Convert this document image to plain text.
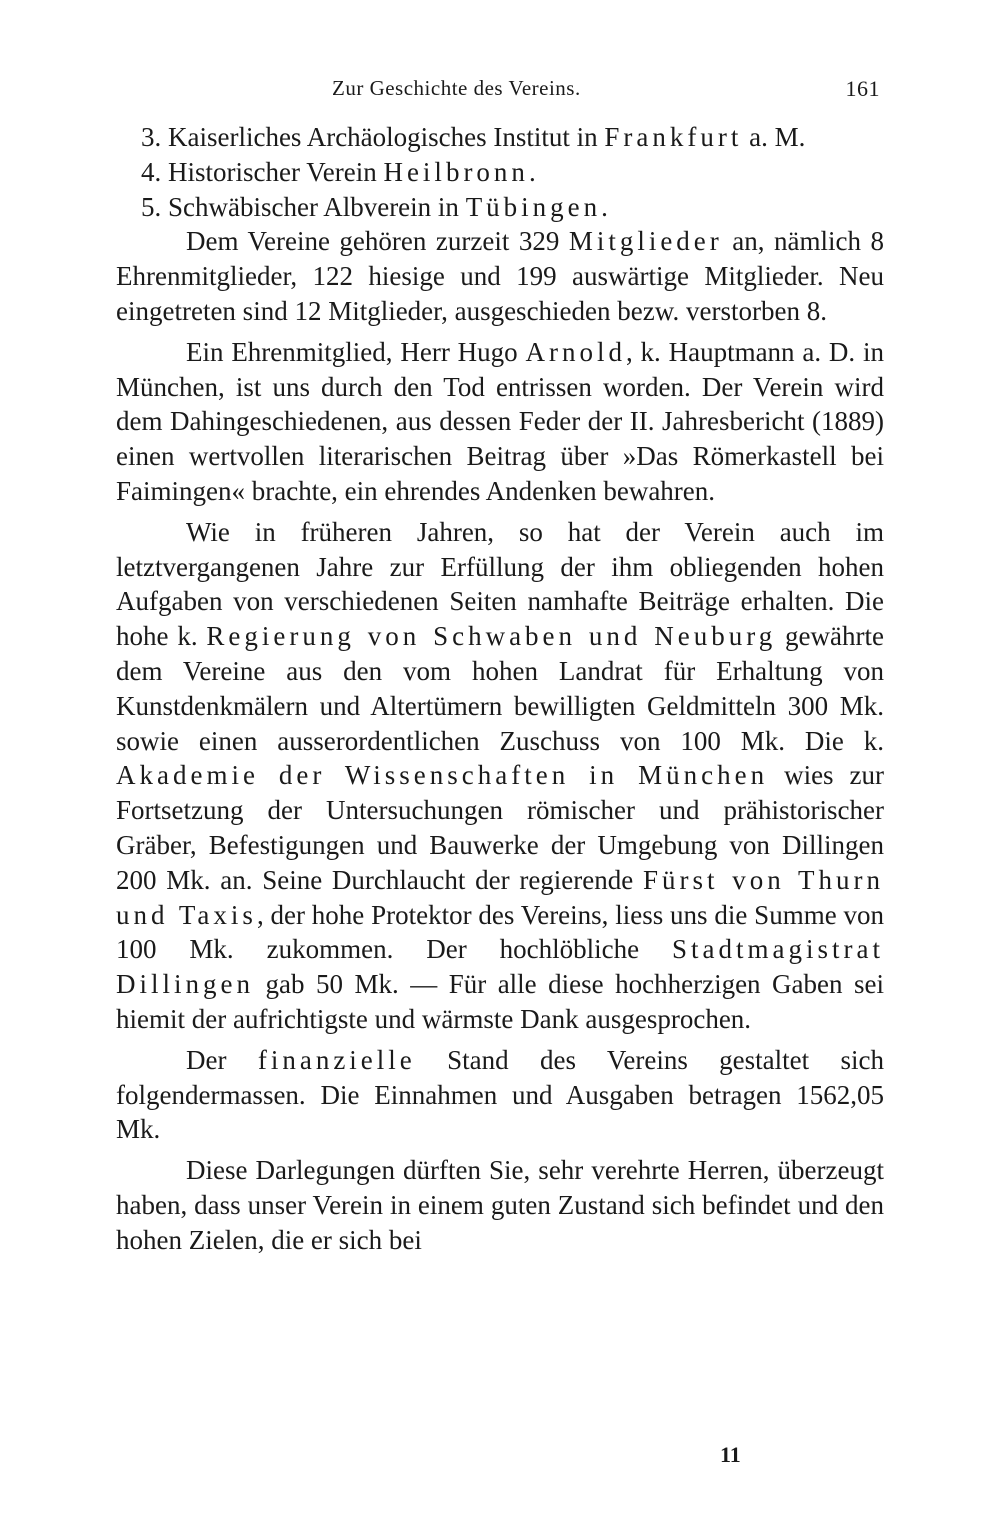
Zur Geschichte des Vereins.	161

3. Kaiserliches Archäologisches Institut in Frankfurt a. M.

4. Historischer Verein Heilbronn.

5. Schwäbischer Albverein in Tübingen.

Dem Vereine gehören zurzeit 329 Mitglieder an, nämlich 8 Ehrenmitglieder, 122 hiesige und 199 auswärtige Mitglieder. Neu eingetreten sind 12 Mitglieder, ausgeschieden bezw. verstorben 8.

Ein Ehrenmitglied, Herr Hugo Arnold, k. Hauptmann a. D. in München, ist uns durch den Tod entrissen worden. Der Verein wird dem Dahingeschiedenen, aus dessen Feder der II. Jahresbericht (1889) einen wertvollen literarischen Beitrag über »Das Römerkastell bei Faimingen« brachte, ein ehrendes Andenken bewahren.

Wie in früheren Jahren, so hat der Verein auch im letztvergangenen Jahre zur Erfüllung der ihm obliegenden hohen Aufgaben von verschiedenen Seiten namhafte Beiträge erhalten. Die hohe k. Regierung von Schwaben und Neuburg gewährte dem Vereine aus den vom hohen Landrat für Erhaltung von Kunstdenkmälern und Altertümern bewilligten Geldmitteln 300 Mk. sowie einen ausserordentlichen Zuschuss von 100 Mk. Die k. Akademie der Wissenschaften in München wies zur Fortsetzung der Untersuchungen römischer und prähistorischer Gräber, Befestigungen und Bauwerke der Umgebung von Dillingen 200 Mk. an. Seine Durchlaucht der regierende Fürst von Thurn und Taxis, der hohe Protektor des Vereins, liess uns die Summe von 100 Mk. zukommen. Der hochlöbliche Stadtmagistrat Dillingen gab 50 Mk. — Für alle diese hochherzigen Gaben sei hiemit der aufrichtigste und wärmste Dank ausgesprochen.

Der finanzielle Stand des Vereins gestaltet sich folgendermassen. Die Einnahmen und Ausgaben betragen 1562,05 Mk.

Diese Darlegungen dürften Sie, sehr verehrte Herren, überzeugt haben, dass unser Verein in einem guten Zustand sich befindet und den hohen Zielen, die er sich bei

11
